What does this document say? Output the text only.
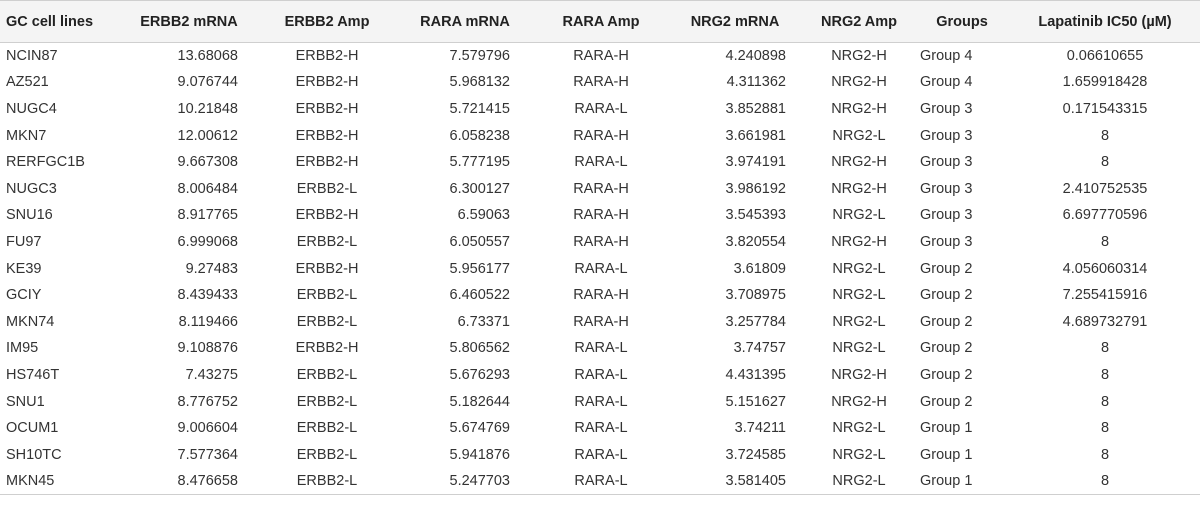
GC cell lines	ERBB2 mRNA	ERBB2 Amp	RARA mRNA	RARA Amp	NRG2 mRNA	NRG2 Amp	Groups	Lapatinib IC50 (µM)
NCIN87	13.68068	ERBB2-H	7.579796	RARA-H	4.240898	NRG2-H	Group 4	0.06610655
AZ521	9.076744	ERBB2-H	5.968132	RARA-H	4.311362	NRG2-H	Group 4	1.659918428
NUGC4	10.21848	ERBB2-H	5.721415	RARA-L	3.852881	NRG2-H	Group 3	0.171543315
MKN7	12.00612	ERBB2-H	6.058238	RARA-H	3.661981	NRG2-L	Group 3	8
RERFGC1B	9.667308	ERBB2-H	5.777195	RARA-L	3.974191	NRG2-H	Group 3	8
NUGC3	8.006484	ERBB2-L	6.300127	RARA-H	3.986192	NRG2-H	Group 3	2.410752535
SNU16	8.917765	ERBB2-H	6.59063	RARA-H	3.545393	NRG2-L	Group 3	6.697770596
FU97	6.999068	ERBB2-L	6.050557	RARA-H	3.820554	NRG2-H	Group 3	8
KE39	9.27483	ERBB2-H	5.956177	RARA-L	3.61809	NRG2-L	Group 2	4.056060314
GCIY	8.439433	ERBB2-L	6.460522	RARA-H	3.708975	NRG2-L	Group 2	7.255415916
MKN74	8.119466	ERBB2-L	6.73371	RARA-H	3.257784	NRG2-L	Group 2	4.689732791
IM95	9.108876	ERBB2-H	5.806562	RARA-L	3.74757	NRG2-L	Group 2	8
HS746T	7.43275	ERBB2-L	5.676293	RARA-L	4.431395	NRG2-H	Group 2	8
SNU1	8.776752	ERBB2-L	5.182644	RARA-L	5.151627	NRG2-H	Group 2	8
OCUM1	9.006604	ERBB2-L	5.674769	RARA-L	3.74211	NRG2-L	Group 1	8
SH10TC	7.577364	ERBB2-L	5.941876	RARA-L	3.724585	NRG2-L	Group 1	8
MKN45	8.476658	ERBB2-L	5.247703	RARA-L	3.581405	NRG2-L	Group 1	8
